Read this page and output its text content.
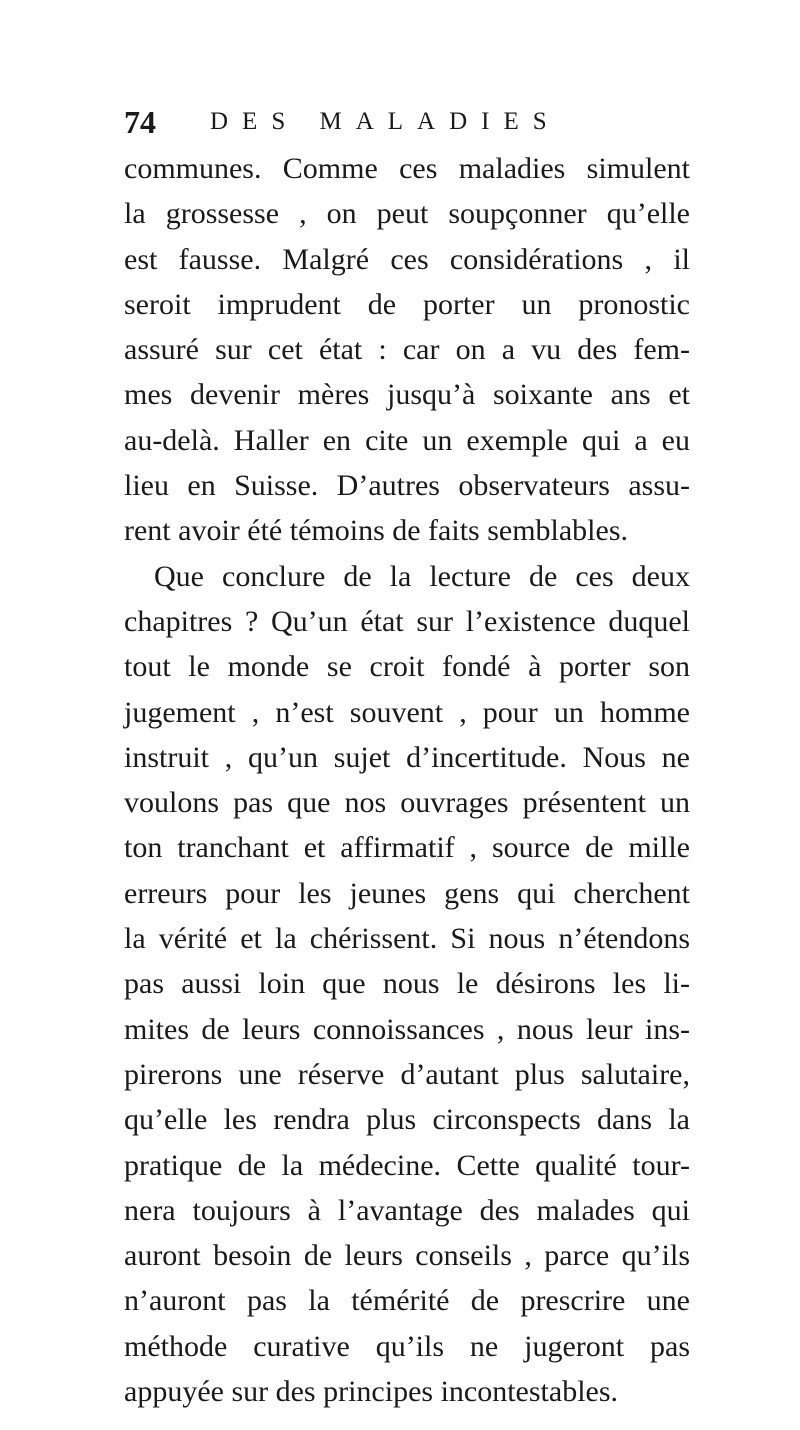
74 DES MALADIES
communes. Comme ces maladies simulent
la grossesse , on peut soupçonner qu’elle
est fausse. Malgré ces considérations , il
seroit imprudent de porter un pronostic
assuré sur cet état : car on a vu des fem-
mes devenir mères jusqu’à soixante ans et
au-delà. Haller en cite un exemple qui a eu
lieu en Suisse. D’autres observateurs assu-
rent avoir été témoins de faits semblables.
Que conclure de la lecture de ces deux
chapitres ? Qu’un état sur l’existence duquel
tout le monde se croit fondé à porter son
jugement , n’est souvent , pour un homme
instruit , qu’un sujet d’incertitude. Nous ne
voulons pas que nos ouvrages présentent un
ton tranchant et affirmatif , source de mille
erreurs pour les jeunes gens qui cherchent
la vérité et la chérissent. Si nous n’étendons
pas aussi loin que nous le désirons les li-
mites de leurs connoissances , nous leur ins-
pirerons une réserve d’autant plus salutaire,
qu’elle les rendra plus circonspects dans la
pratique de la médecine. Cette qualité tour-
nera toujours à l’avantage des malades qui
auront besoin de leurs conseils , parce qu’ils
n’auront pas la témérité de prescrire une
méthode curative qu’ils ne jugeront pas
appuyée sur des principes incontestables.
